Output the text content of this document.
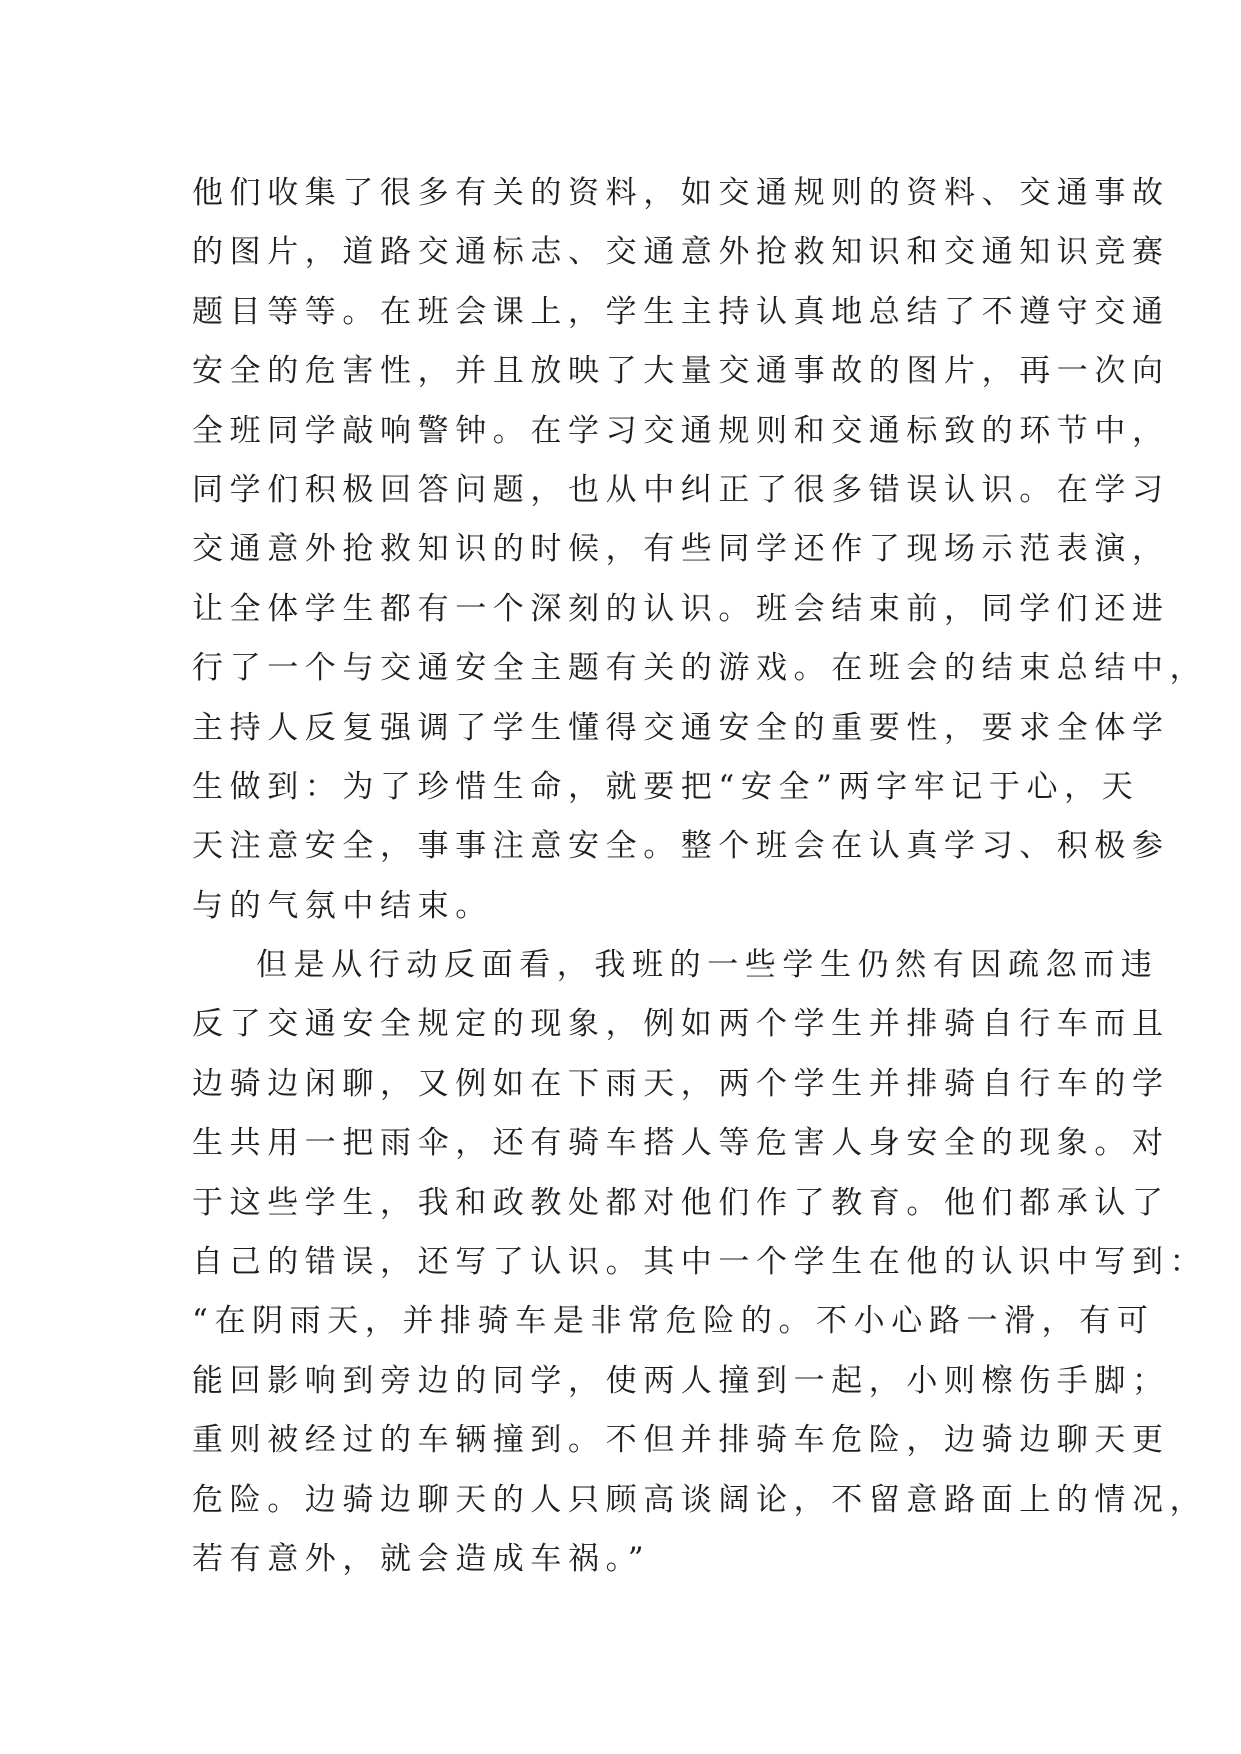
他们收集了很多有关的资料，如交通规则的资料、交通事故
的图片，道路交通标志、交通意外抢救知识和交通知识竞赛
题目等等。在班会课上，学生主持认真地总结了不遵守交通
安全的危害性，并且放映了大量交通事故的图片，再一次向
全班同学敲响警钟。在学习交通规则和交通标致的环节中，
同学们积极回答问题，也从中纠正了很多错误认识。在学习
交通意外抢救知识的时候，有些同学还作了现场示范表演，
让全体学生都有一个深刻的认识。班会结束前，同学们还进
行了一个与交通安全主题有关的游戏。在班会的结束总结中，
主持人反复强调了学生懂得交通安全的重要性，要求全体学
生做到：为了珍惜生命，就要把“安全”两字牢记于心，天
天注意安全，事事注意安全。整个班会在认真学习、积极参
与的气氛中结束。
但是从行动反面看，我班的一些学生仍然有因疏忽而违
反了交通安全规定的现象，例如两个学生并排骑自行车而且
边骑边闲聊，又例如在下雨天，两个学生并排骑自行车的学
生共用一把雨伞，还有骑车搭人等危害人身安全的现象。对
于这些学生，我和政教处都对他们作了教育。他们都承认了
自己的错误，还写了认识。其中一个学生在他的认识中写到：
“在阴雨天，并排骑车是非常危险的。不小心路一滑，有可
能回影响到旁边的同学，使两人撞到一起，小则檫伤手脚；
重则被经过的车辆撞到。不但并排骑车危险，边骑边聊天更
危险。边骑边聊天的人只顾高谈阔论，不留意路面上的情况，
若有意外，就会造成车祸。”
